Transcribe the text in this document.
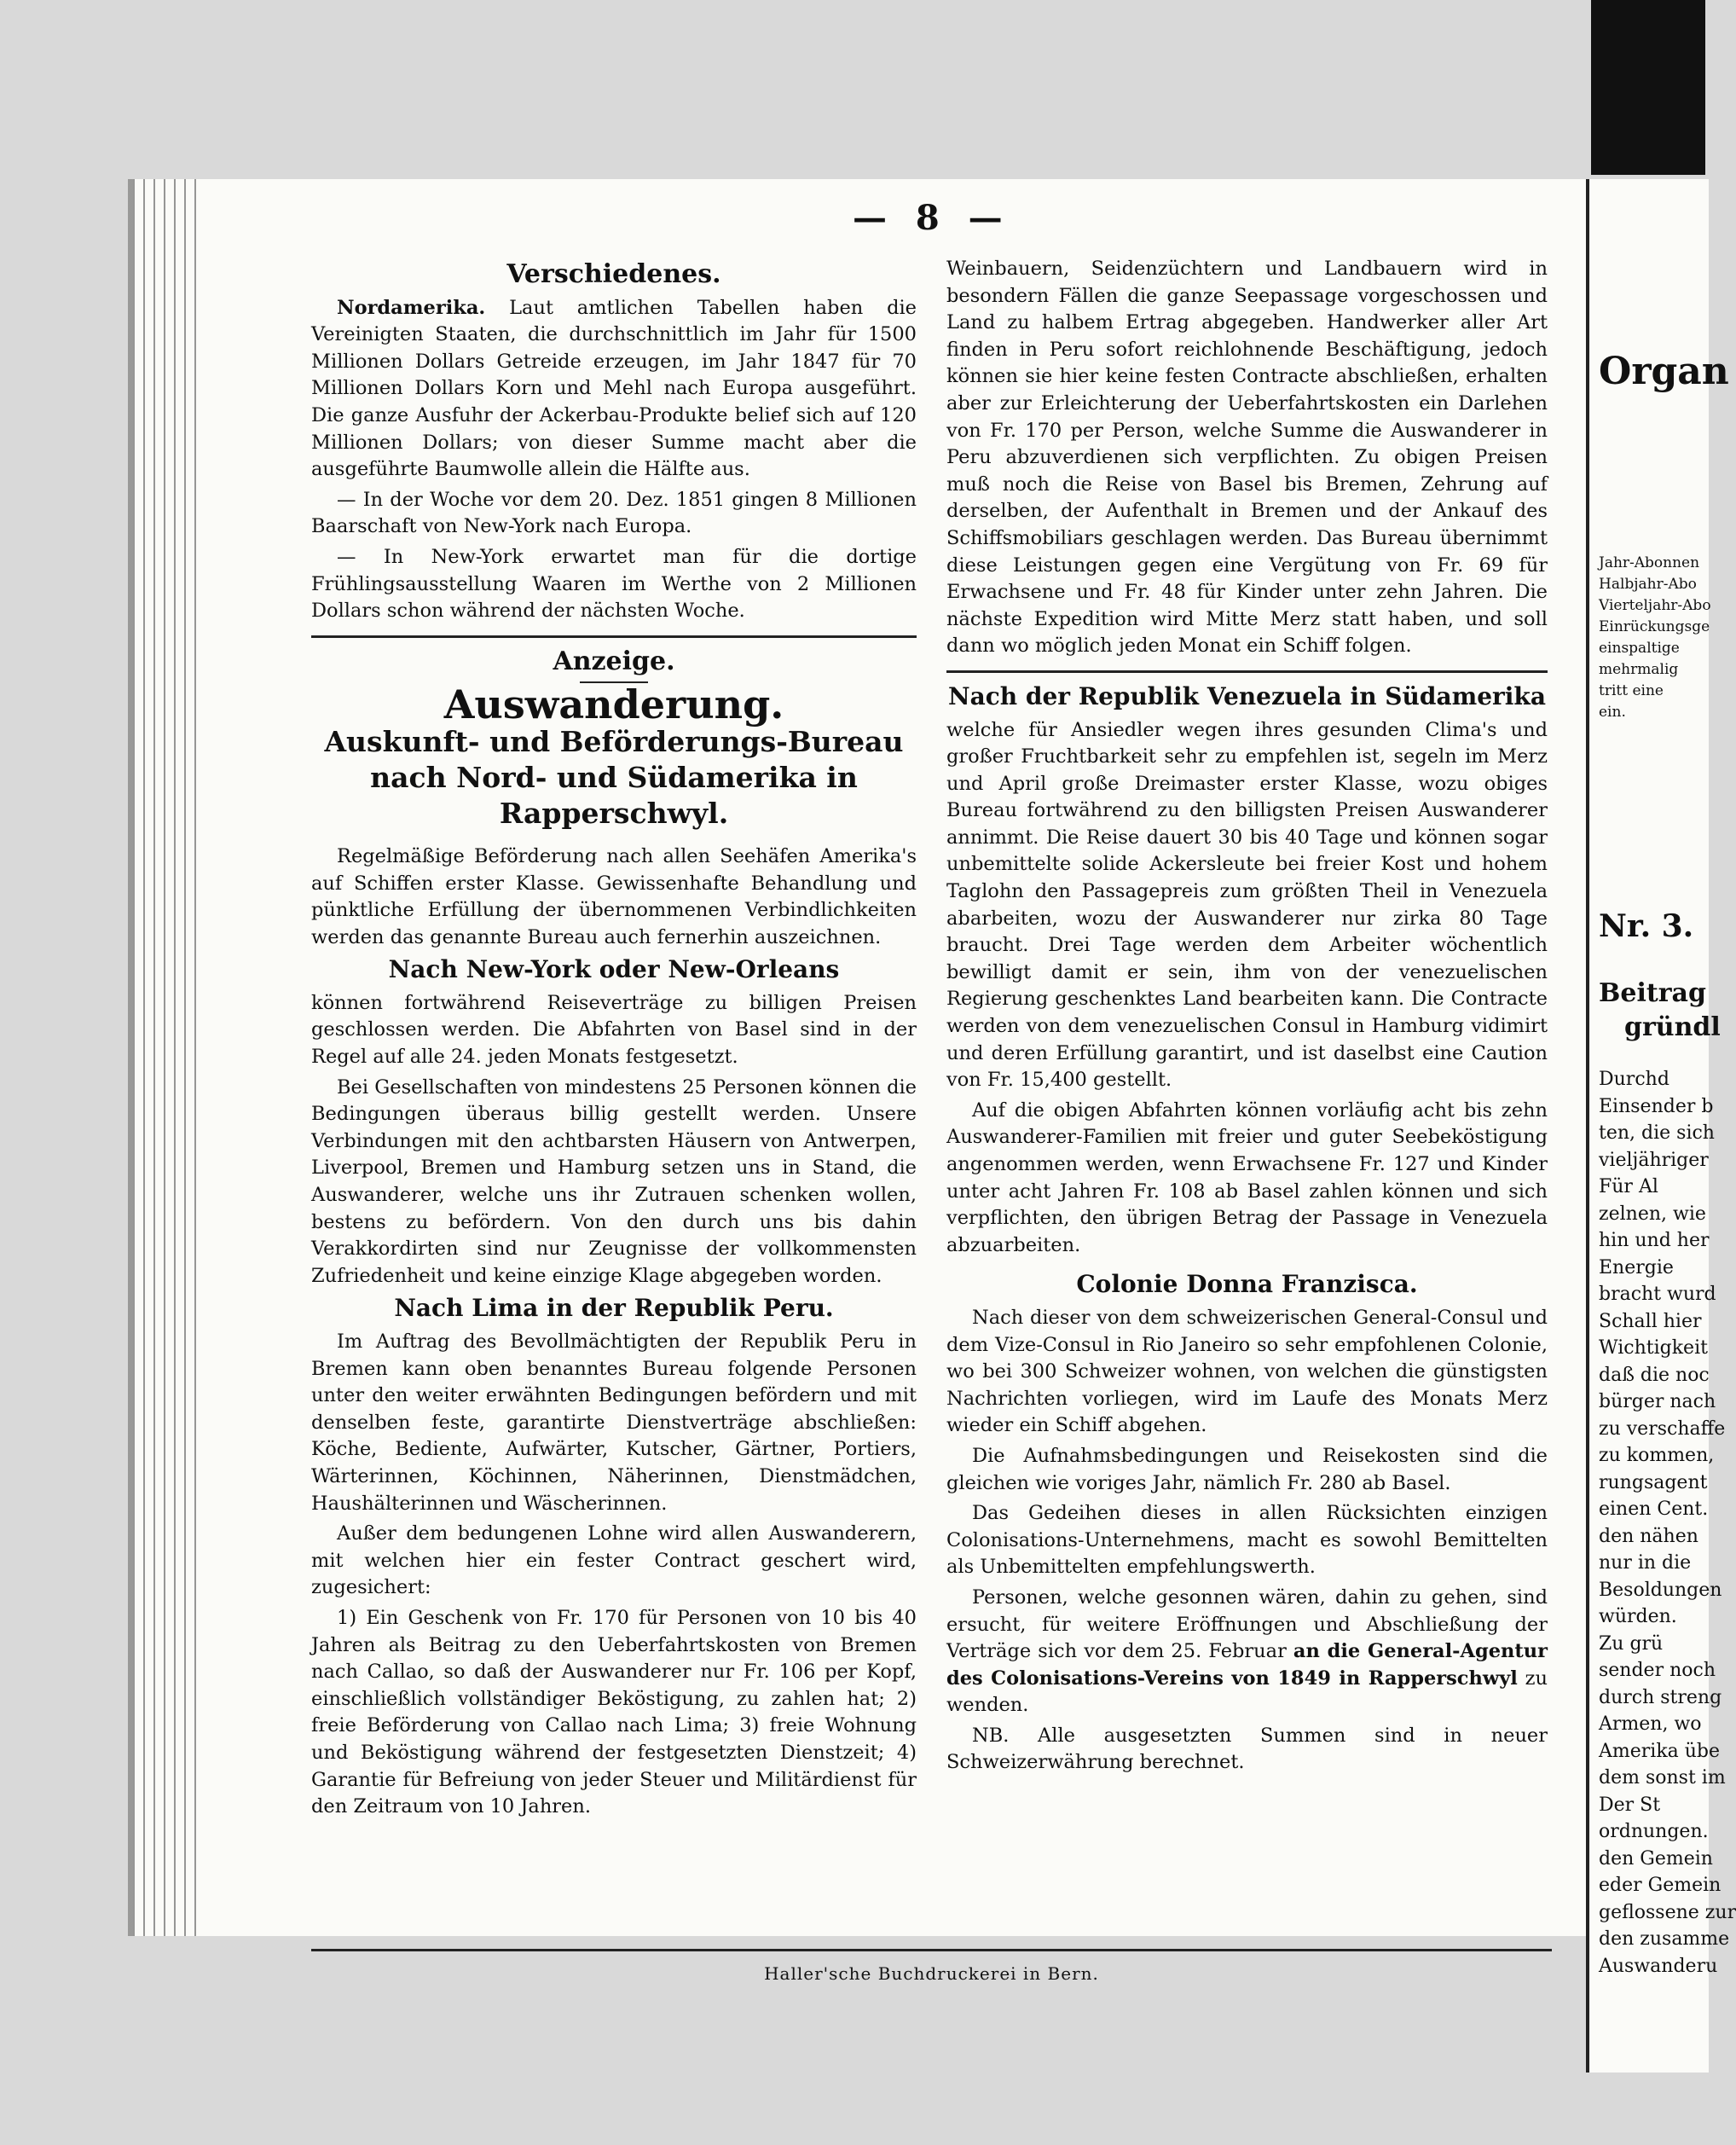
— 8 —
Verschiedenes.

Nordamerika. Laut amtlichen Tabellen haben die Vereinigten Staaten, die durchschnittlich im Jahr für 1500 Millionen Dollars Getreide erzeugen, im Jahr 1847 für 70 Millionen Dollars Korn und Mehl nach Europa ausgeführt. Die ganze Ausfuhr der Ackerbau-Produkte belief sich auf 120 Millionen Dollars; von dieser Summe macht aber die ausgeführte Baumwolle allein die Hälfte aus.

— In der Woche vor dem 20. Dez. 1851 gingen 8 Millionen Baarschaft von New-York nach Europa.

— In New-York erwartet man für die dortige Frühlingsausstellung Waaren im Werthe von 2 Millionen Dollars schon während der nächsten Woche.

Anzeige.
Auswanderung.
Auskunft- und Beförderungs-Bureau nach Nord- und Südamerika in Rapperschwyl.

Regelmäßige Beförderung nach allen Seehäfen Amerika's auf Schiffen erster Klasse. Gewissenhafte Behandlung und pünktliche Erfüllung der übernommenen Verbindlichkeiten werden das genannte Bureau auch fernerhin auszeichnen.

Nach New-York oder New-Orleans

können fortwährend Reiseverträge zu billigen Preisen geschlossen werden. Die Abfahrten von Basel sind in der Regel auf alle 24. jeden Monats festgesetzt.

Bei Gesellschaften von mindestens 25 Personen können die Bedingungen überaus billig gestellt werden. Unsere Verbindungen mit den achtbarsten Häusern von Antwerpen, Liverpool, Bremen und Hamburg setzen uns in Stand, die Auswanderer, welche uns ihr Zutrauen schenken wollen, bestens zu befördern. Von den durch uns bis dahin Verakkordirten sind nur Zeugnisse der vollkommensten Zufriedenheit und keine einzige Klage abgegeben worden.

Nach Lima in der Republik Peru.

Im Auftrag des Bevollmächtigten der Republik Peru in Bremen kann oben benanntes Bureau folgende Personen unter den weiter erwähnten Bedingungen befördern und mit denselben feste, garantirte Dienstverträge abschließen: Köche, Bediente, Aufwärter, Kutscher, Gärtner, Portiers, Wärterinnen, Köchinnen, Näherinnen, Dienstmädchen, Haushälterinnen und Wäscherinnen.

Außer dem bedungenen Lohne wird allen Auswanderern, mit welchen hier ein fester Contract geschert wird, zugesichert:

1) Ein Geschenk von Fr. 170 für Personen von 10 bis 40 Jahren als Beitrag zu den Ueberfahrtskosten von Bremen nach Callao, so daß der Auswanderer nur Fr. 106 per Kopf, einschließlich vollständiger Beköstigung, zu zahlen hat; 2) freie Beförderung von Callao nach Lima; 3) freie Wohnung und Beköstigung während der festgesetzten Dienstzeit; 4) Garantie für Befreiung von jeder Steuer und Militärdienst für den Zeitraum von 10 Jahren.

Weinbauern, Seidenzüchtern und Landbauern wird in besondern Fällen die ganze Seepassage vorgeschossen und Land zu halbem Ertrag abgegeben. Handwerker aller Art finden in Peru sofort reichlohnende Beschäftigung, jedoch können sie hier keine festen Contracte abschließen, erhalten aber zur Erleichterung der Ueberfahrtskosten ein Darlehen von Fr. 170 per Person, welche Summe die Auswanderer in Peru abzuverdienen sich verpflichten. Zu obigen Preisen muß noch die Reise von Basel bis Bremen, Zehrung auf derselben, der Aufenthalt in Bremen und der Ankauf des Schiffsmobiliars geschlagen werden. Das Bureau übernimmt diese Leistungen gegen eine Vergütung von Fr. 69 für Erwachsene und Fr. 48 für Kinder unter zehn Jahren. Die nächste Expedition wird Mitte Merz statt haben, und soll dann wo möglich jeden Monat ein Schiff folgen.

Nach der Republik Venezuela in Südamerika

welche für Ansiedler wegen ihres gesunden Clima's und großer Fruchtbarkeit sehr zu empfehlen ist, segeln im Merz und April große Dreimaster erster Klasse, wozu obiges Bureau fortwährend zu den billigsten Preisen Auswanderer annimmt. Die Reise dauert 30 bis 40 Tage und können sogar unbemittelte solide Ackersleute bei freier Kost und hohem Taglohn den Passagepreis zum größten Theil in Venezuela abarbeiten, wozu der Auswanderer nur zirka 80 Tage braucht. Drei Tage werden dem Arbeiter wöchentlich bewilligt damit er sein, ihm von der venezuelischen Regierung geschenktes Land bearbeiten kann. Die Contracte werden von dem venezuelischen Consul in Hamburg vidimirt und deren Erfüllung garantirt, und ist daselbst eine Caution von Fr. 15,400 gestellt.

Auf die obigen Abfahrten können vorläufig acht bis zehn Auswanderer-Familien mit freier und guter Seebeköstigung angenommen werden, wenn Erwachsene Fr. 127 und Kinder unter acht Jahren Fr. 108 ab Basel zahlen können und sich verpflichten, den übrigen Betrag der Passage in Venezuela abzuarbeiten.

Colonie Donna Franzisca.

Nach dieser von dem schweizerischen General-Consul und dem Vize-Consul in Rio Janeiro so sehr empfohlenen Colonie, wo bei 300 Schweizer wohnen, von welchen die günstigsten Nachrichten vorliegen, wird im Laufe des Monats Merz wieder ein Schiff abgehen.

Die Aufnahmsbedingungen und Reisekosten sind die gleichen wie voriges Jahr, nämlich Fr. 280 ab Basel.

Das Gedeihen dieses in allen Rücksichten einzigen Colonisations-Unternehmens, macht es sowohl Bemittelten als Unbemittelten empfehlungswerth.

Personen, welche gesonnen wären, dahin zu gehen, sind ersucht, für weitere Eröffnungen und Abschließung der Verträge sich vor dem 25. Februar an die General-Agentur des Colonisations-Vereins von 1849 in Rapperschwyl zu wenden.

NB. Alle ausgesetzten Summen sind in neuer Schweizerwährung berechnet.

Haller'sche Buchdruckerei in Bern.
Organ
Jahr-Abonnen
Halbjahr-Abo
Vierteljahr-Abo
Einrückungsge
einspaltige
mehrmalig
tritt eine
ein.
Nr. 3.
Beitrag
gründl
Durchd
Einsender b
ten, die sich
vieljähriger
Für Al
zelnen, wie
hin und her
Energie
bracht wurd
Schall hier
Wichtigkeit
daß die noc
bürger nach
zu verschaffe
zu kommen,
rungsagent
einen Cent.
den nähen
nur in die
Besoldungen
würden.
Zu grü
sender noch
durch streng
Armen, wo
Amerika übe
dem sonst im
Der St
ordnungen.
den Gemein
eder Gemein
geflossene zur
den zusamme
Auswanderu
